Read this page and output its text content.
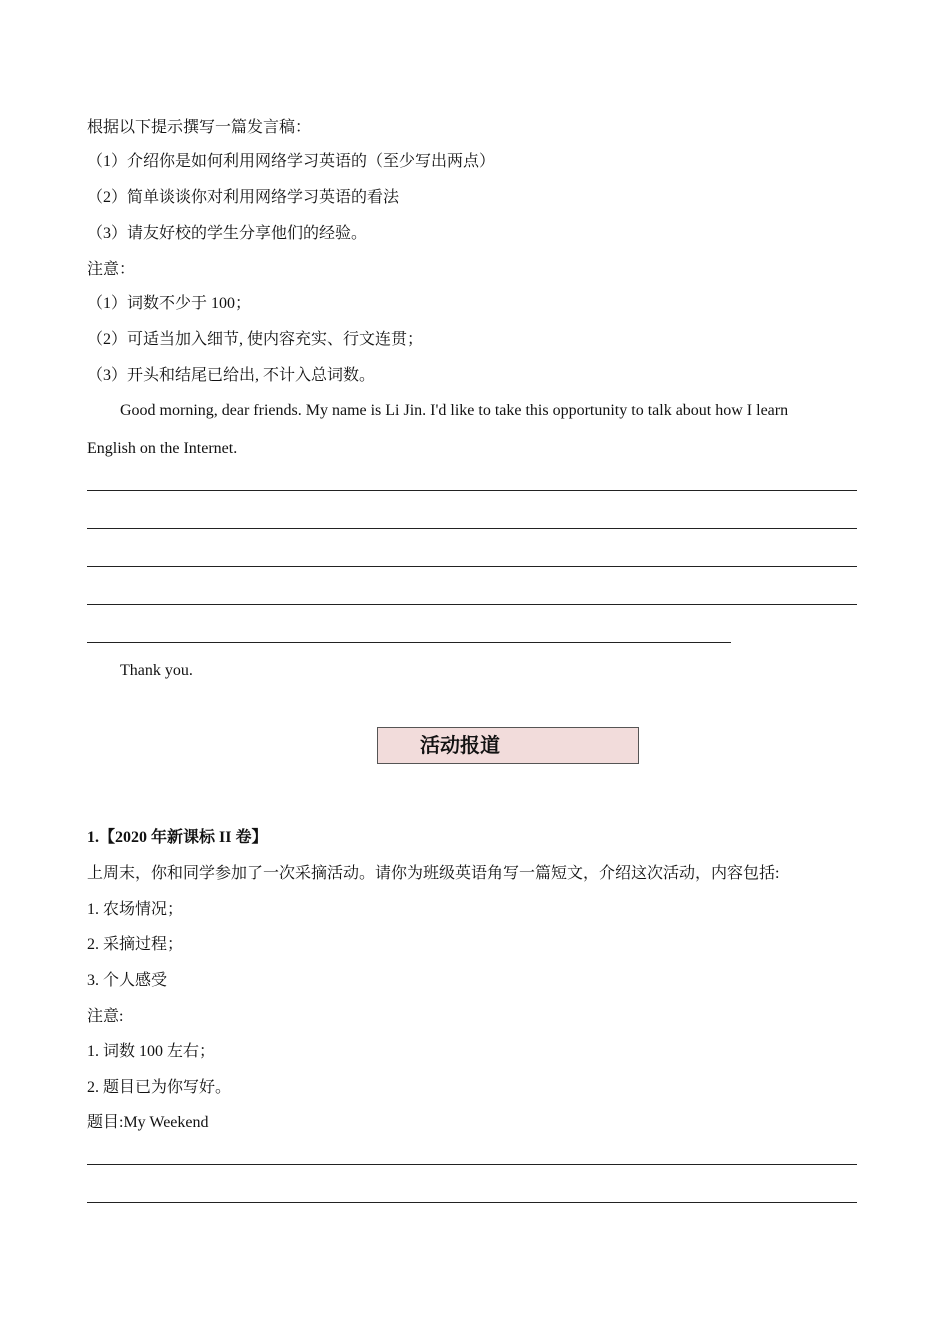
根据以下提示撰写一篇发言稿：
（1）介绍你是如何利用网络学习英语的（至少写出两点）
（2）简单谈谈你对利用网络学习英语的看法
（3）请友好校的学生分享他们的经验。
注意：
（1）词数不少于 100；
（2）可适当加入细节, 使内容充实、行文连贯；
（3）开头和结尾已给出, 不计入总词数。
Good morning, dear friends. My name is Li Jin. I'd like to take this opportunity to talk about how I learn
English on the Internet.
Thank you.
活动报道
1.【2020 年新课标 II 卷】
上周末，你和同学参加了一次采摘活动。请你为班级英语角写一篇短文，介绍这次活动，内容包括:
1. 农场情况；
2. 采摘过程；
3. 个人感受
注意:
1. 词数 100 左右；
2. 题目已为你写好。
题目:My Weekend
